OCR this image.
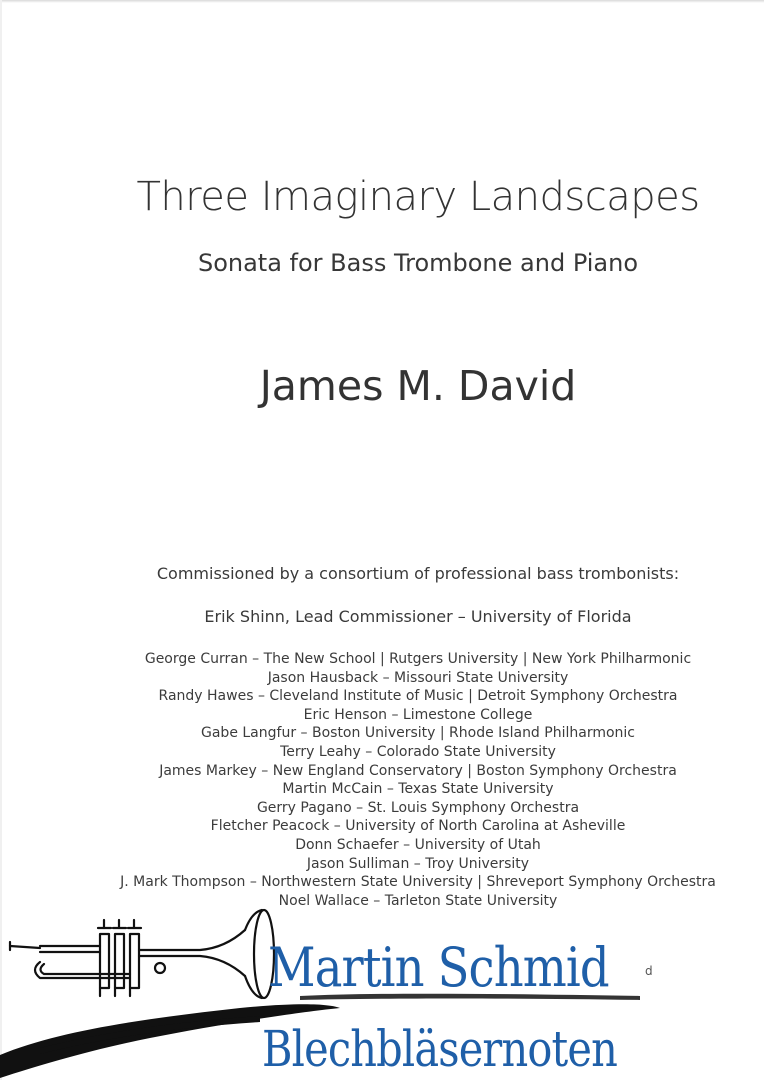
Three Imaginary Landscapes
Sonata for Bass Trombone and Piano
James M. David
Commissioned by a consortium of professional bass trombonists:
Erik Shinn, Lead Commissioner – University of Florida
George Curran – The New School | Rutgers University | New York Philharmonic
Jason Hausback – Missouri State University
Randy Hawes – Cleveland Institute of Music | Detroit Symphony Orchestra
Eric Henson – Limestone College
Gabe Langfur – Boston University | Rhode Island Philharmonic
Terry Leahy – Colorado State University
James Markey – New England Conservatory | Boston Symphony Orchestra
Martin McCain – Texas State University
Gerry Pagano – St. Louis Symphony Orchestra
Fletcher Peacock – University of North Carolina at Asheville
Donn Schaefer – University of Utah
Jason Sulliman – Troy University
J. Mark Thompson – Northwestern State University | Shreveport Symphony Orchestra
Noel Wallace – Tarleton State University
d
Martin Schmid
Blechbläsernoten
